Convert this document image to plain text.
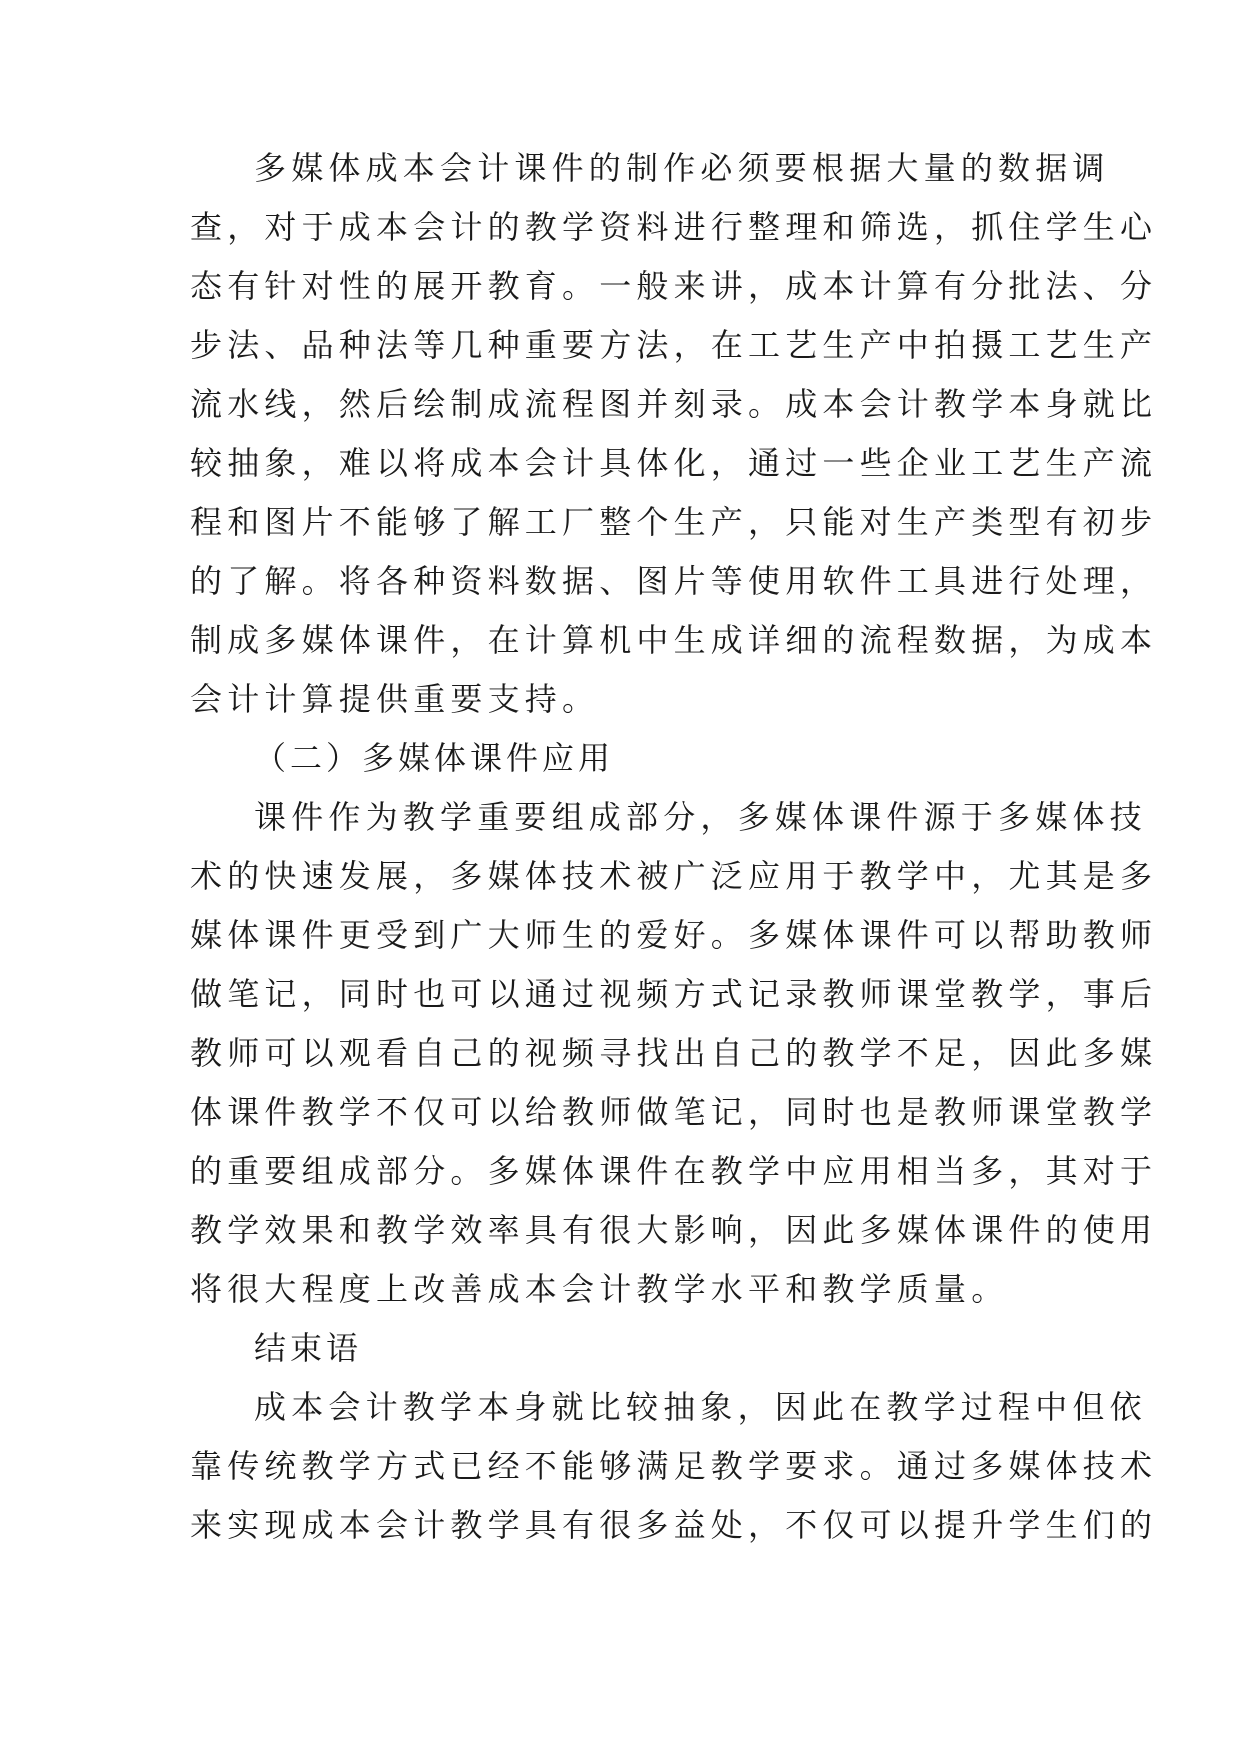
多媒体成本会计课件的制作必须要根据大量的数据调
查，对于成本会计的教学资料进行整理和筛选，抓住学生心
态有针对性的展开教育。一般来讲，成本计算有分批法、分
步法、品种法等几种重要方法，在工艺生产中拍摄工艺生产
流水线，然后绘制成流程图并刻录。成本会计教学本身就比
较抽象，难以将成本会计具体化，通过一些企业工艺生产流
程和图片不能够了解工厂整个生产，只能对生产类型有初步
的了解。将各种资料数据、图片等使用软件工具进行处理，
制成多媒体课件，在计算机中生成详细的流程数据，为成本
会计计算提供重要支持。
（二）多媒体课件应用
课件作为教学重要组成部分，多媒体课件源于多媒体技
术的快速发展，多媒体技术被广泛应用于教学中，尤其是多
媒体课件更受到广大师生的爱好。多媒体课件可以帮助教师
做笔记，同时也可以通过视频方式记录教师课堂教学，事后
教师可以观看自己的视频寻找出自己的教学不足，因此多媒
体课件教学不仅可以给教师做笔记，同时也是教师课堂教学
的重要组成部分。多媒体课件在教学中应用相当多，其对于
教学效果和教学效率具有很大影响，因此多媒体课件的使用
将很大程度上改善成本会计教学水平和教学质量。
结束语
成本会计教学本身就比较抽象，因此在教学过程中但依
靠传统教学方式已经不能够满足教学要求。通过多媒体技术
来实现成本会计教学具有很多益处，不仅可以提升学生们的
